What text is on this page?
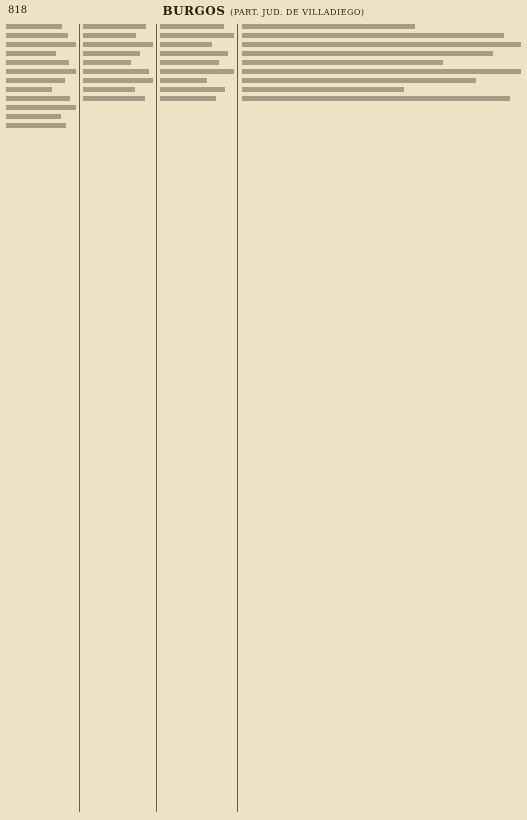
818	BURGOS (PART. JUD. DE VILLADIEGO)
